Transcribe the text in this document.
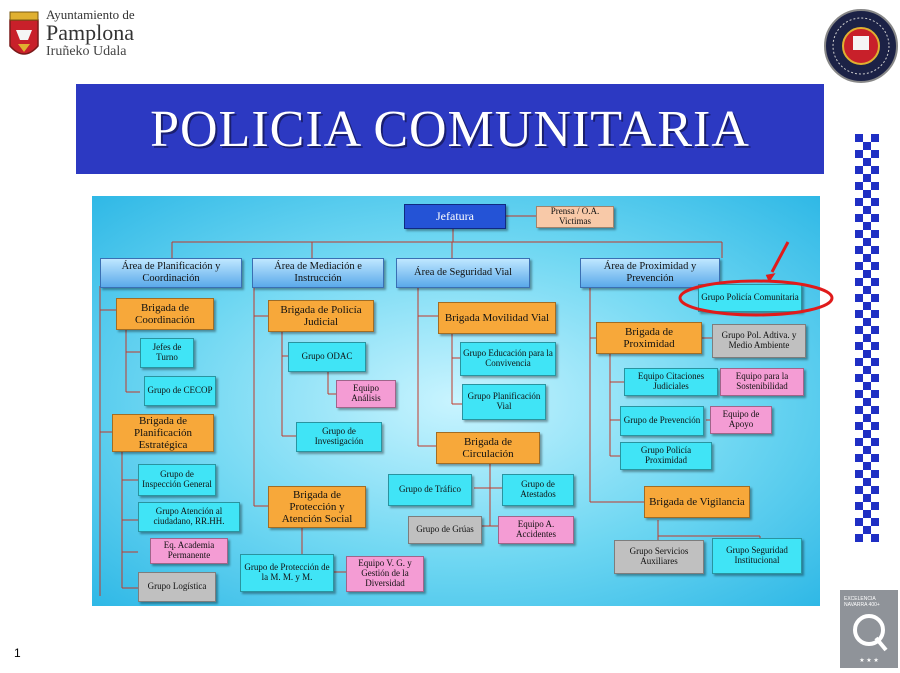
Ayuntamiento de
Pamplona
Iruñeko Udala
POLICIA COMUNITARIA
★ ★ ★
EXCELENCIA NAVARRA 400+
1
Jefatura	Prensa / O.A. Victimas
Área de Planificación y Coordinación
Área de Mediación e Instrucción
Área de Seguridad Vial
Área de Proximidad y Prevención
Brigada de Coordinación
Jefes de Turno
Grupo de CECOP
Brigada de Planificación Estratégica
Grupo de Inspección General
Grupo Atención al ciudadano, RR.HH.
Eq. Academia Permanente
Grupo Logística
Brigada de Policía Judicial
Grupo ODAC
Equipo Análisis
Grupo de Investigación
Brigada de Protección y Atención Social
Grupo de Protección de la M. M. y M.
Equipo V. G. y Gestión de la Diversidad
Brigada Movilidad Vial
Grupo Educación para la Convivencia
Grupo Planificación Vial
Brigada de Circulación
Grupo de Tráfico	Grupo de Atestados
Grupo de Grúas	Equipo A. Accidentes
Grupo Policía Comunitaria
Brigada de Proximidad
Grupo Pol. Adtiva. y Medio Ambiente
Equipo Citaciones Judiciales
Equipo para la Sostenibilidad
Grupo de Prevención
Equipo de Apoyo
Grupo Policía Proximidad
Brigada de Vigilancia
Grupo Servicios Auxiliares
Grupo Seguridad Institucional
